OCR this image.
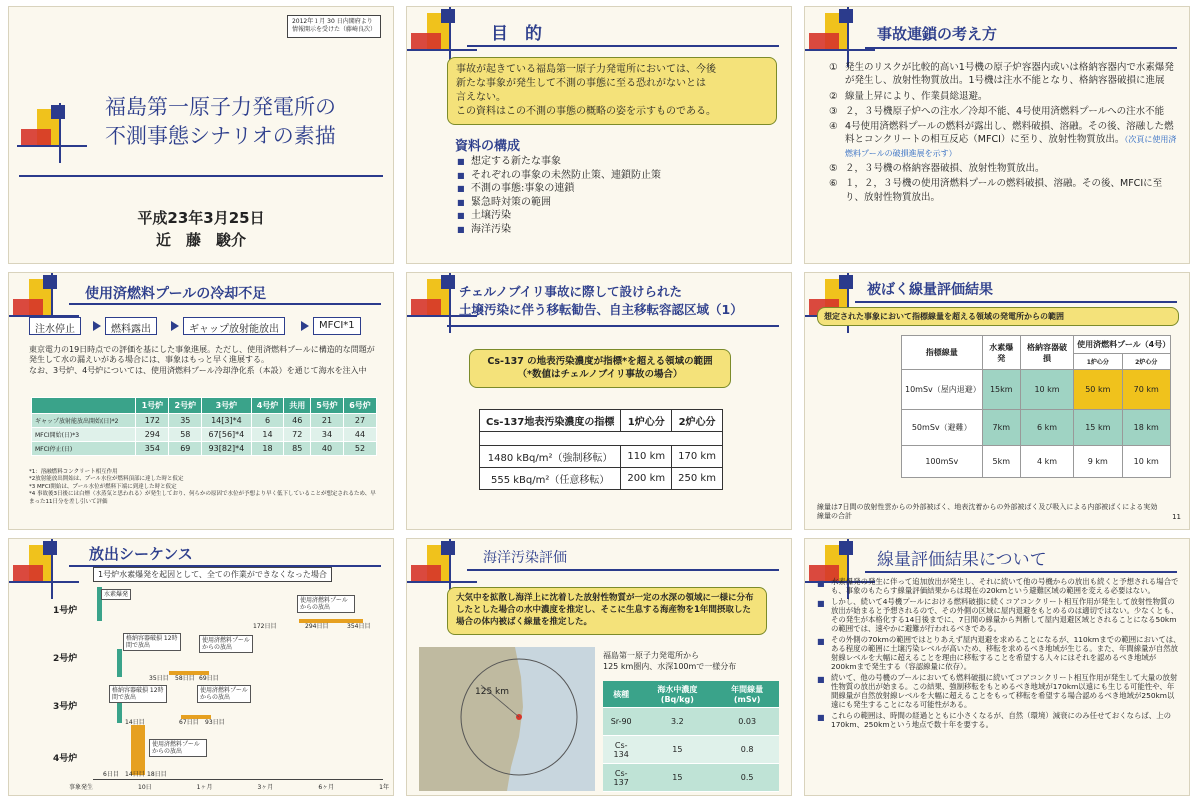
2012年１月 30 日内閣府より
情報開示を受けた（藤崎良次）
福島第一原子力発電所の
不測事態シナリオの素描
平成23年3月25日
近　藤　駿介
目　的
事故が起きている福島第一原子力発電所においては、今後
新たな事象が発生して不測の事態に至る恐れがないとは
言えない。
この資料はこの不測の事態の概略の姿を示すものである。
資料の構成
■ 想定する新たな事象
■ それぞれの事象の未然防止策、連鎖防止策
■ 不測の事態:事象の連鎖
■ 緊急時対策の範囲
■ 土壌汚染
■ 海洋汚染
事故連鎖の考え方
① 発生のリスクが比較的高い1号機の原子炉容器内或いは格納容器内で水素爆発が発生し、放射性物質放出。1号機は注水不能となり、格納容器破損に進展
② 線量上昇により、作業員総退避。
③ ２，３号機原子炉への注水／冷却不能、4号使用済燃料プールへの注水不能
④ 4号使用済燃料プールの燃料が露出し、燃料破損、溶融。その後、溶融した燃料とコンクリートの相互反応（MFCI）に至り、放射性物質放出。（次頁に使用済燃料プールの破損進展を示す）
⑤ ２，３号機の格納容器破損、放射性物質放出。
⑥ １，２，３号機の使用済燃料プールの燃料破損、溶融。その後、MFCIに至り、放射性物質放出。
使用済燃料プールの冷却不足
注水停止	燃料露出	ギャップ放射能放出	MFCI*1
東京電力の19日時点での評価を基にした事象進展。ただし、使用済燃料プールに構造的な問題が発生して水の漏えいがある場合には、事象はもっと早く進展する。
なお、3号炉、4号炉については、使用済燃料プール冷却浄化系（本設）を通じて海水を注入中
	1号炉	2号炉	3号炉	4号炉	共用	5号炉	6号炉
ギャップ放射能放出開始(日)*2	172	35	14[3]*4	6	46	21	27
MFCI開始(日)*3	294	58	67[56]*4	14	72	34	44
MFCI停止(日)	354	69	93[82]*4	18	85	40	52
*1：溶融燃料コンクリート相互作用
*2放射能放出開始は、プール水位が燃料頂部に達した時と仮定
*3 MFCI開始は、プール水位が燃料下端に到達した時と仮定
*4 事故後3日後には白煙（水蒸気と思われる）が発生しており、何らかの原因で水位が予想より早く低下していることが想定されるため、早まった11日分を差し引いて評価
チェルノブイリ事故に際して設けられた
土壌汚染に伴う移転勧告、自主移転容認区域（1）
Cs-137 の地表汚染濃度が指標*を超える領域の範囲
（*数値はチェルノブイリ事故の場合）
Cs-137地表汚染濃度の指標	1炉心分	2炉心分

1480 kBq/m²（強制移転）	110 km	170 km
555 kBq/m²（任意移転）	200 km	250 km
被ばく線量評価結果
想定された事象において指標線量を超える領域の発電所からの範囲
指標線量	水素爆発	格納容器破損	使用済燃料プール（4号）	
			1炉心分	2炉心分
10mSv（屋内退避）	15km	10 km	50 km	70 km
50mSv（避難）	7km	6 km	15 km	18 km
100mSv	5km	4 km	9 km	10 km
線量は7日間の放射性雲からの外部被ばく、地表沈着からの外部被ばく及び吸入による内部被ばくによる実効線量の合計	11
放出シーケンス
1号炉水素爆発を起因として、全ての作業ができなくなった場合
1号炉
2号炉
3号炉
4号炉
水素爆発
使用済燃料プール からの放出
格納容器破損 12時間で放出
使用済燃料プール からの放出
格納容器破損 12時間で放出
使用済燃料プール からの放出
使用済燃料プール からの放出
172日目	294日目	354日目
35日目 58日目 69日目
14日目	67日目 93日目
6日目 14日目 18日目
事象発生	10日	1ヶ月	3ヶ月	6ヶ月	1年
海洋汚染評価
大気中を拡散し海洋上に沈着した放射性物質が一定の水深の領域に一様に分布したとした場合の水中濃度を推定し、そこに生息する海産物を1年間摂取した場合の体内被ばく線量を推定した。
125 km
福島第一原子力発電所から
125 km圏内、水深100mで一様分布
核種	海水中濃度 (Bq/kg)	年間線量 (mSv)
Sr-90	3.2	0.03
Cs-134	15	0.8
Cs-137	15	0.5
線量評価結果について
■ 水素爆発の発生に伴って追加放出が発生し、それに続いて他の号機からの放出も続くと予想される場合でも、事象のもたらす線量評価結果からは現在の20kmという避難区域の範囲を変える必要はない。
■ しかし、続いて4号機プールにおける燃料破損に続くコアコンクリート相互作用が発生して放射性物質の放出が始まると予想されるので、その外側の区域に屋内退避をもとめるのは適切ではない。少なくとも、その発生が本格化する14日後までに、7日間の線量から判断して屋内退避区域とされることになる50kmの範囲では、速やかに避難が行われるべきである。
■ その外側の70kmの範囲ではとりあえず屋内退避を求めることになるが、110kmまでの範囲においては、ある程度の範囲に土壌汚染レベルが高いため、移転を求めるべき地域が生じる。また、年間線量が自然放射線レベルを大幅に超えることを理由に移転することを希望する人々にはそれを認めるべき地域が200kmまで発生する（容認線量に依存）。
■ 続いて、他の号機のプールにおいても燃料破損に続いてコアコンクリート相互作用が発生して大量の放射性物質の放出が始まる。この結果、強制移転をもとめるべき地域が170km以遠にも生じる可能性や、年間線量が自然放射線レベルを大幅に超えることをもって移転を希望する場合認めるべき地域が250km以遠にも発生することになる可能性がある。
■ これらの範囲は、時間の経過とともに小さくなるが、自然（環境）減衰にのみ任せておくならば、上の170km、250kmという地点で数十年を要する。
